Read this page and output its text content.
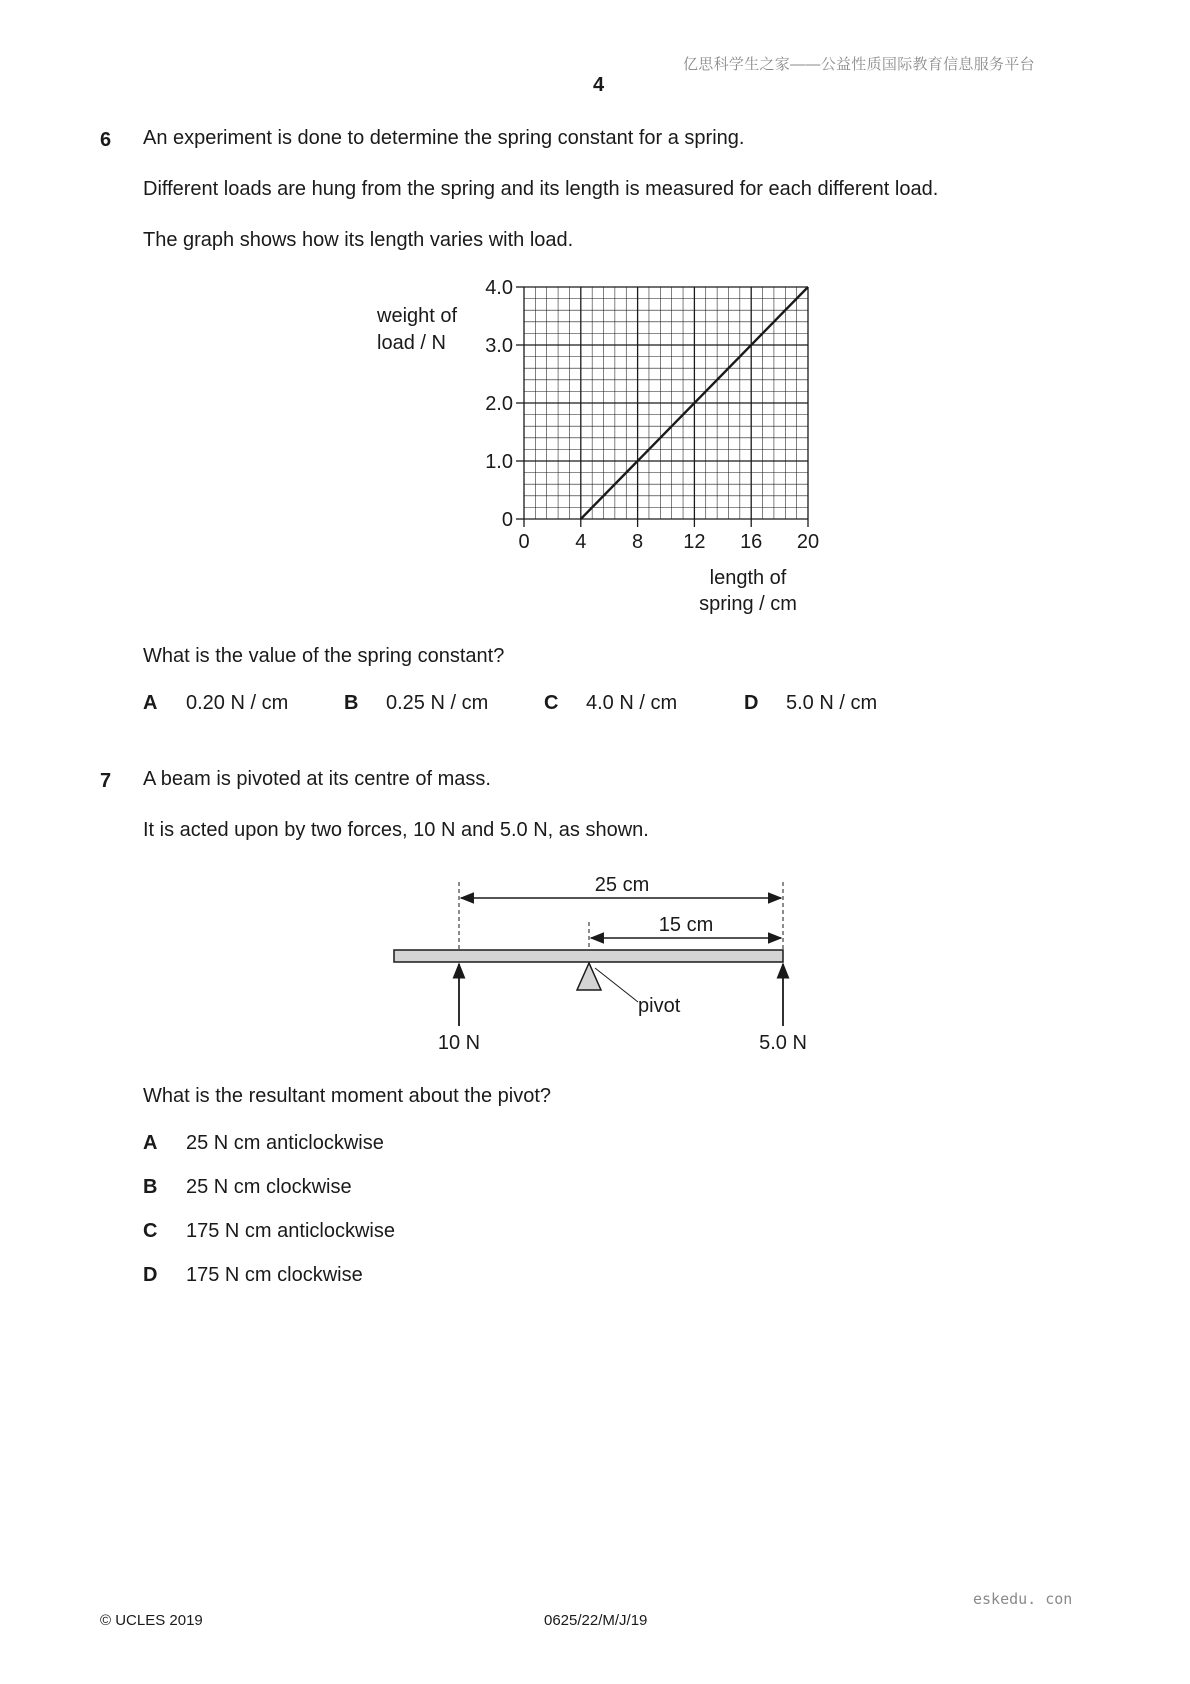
亿思科学生之家——公益性质国际教育信息服务平台
4
6 An experiment is done to determine the spring constant for a spring.
Different loads are hung from the spring and its length is measured for each different load.
The graph shows how its length varies with load.
0 4 8 12 16 20
0
1.0
2.0
3.0
4.0
weight of
load / N
length of
spring / cm
What is the value of the spring constant?
A 0.20 N / cm	B 0.25 N / cm	C 4.0 N / cm	D 5.0 N / cm
7 A beam is pivoted at its centre of mass.
It is acted upon by two forces, 10 N and 5.0 N, as shown.
25 cm
15 cm
pivot
10 N	5.0 N
What is the resultant moment about the pivot?
A 25 N cm anticlockwise
B 25 N cm clockwise
C 175 N cm anticlockwise
D 175 N cm clockwise
eskedu. con
© UCLES 2019	0625/22/M/J/19
